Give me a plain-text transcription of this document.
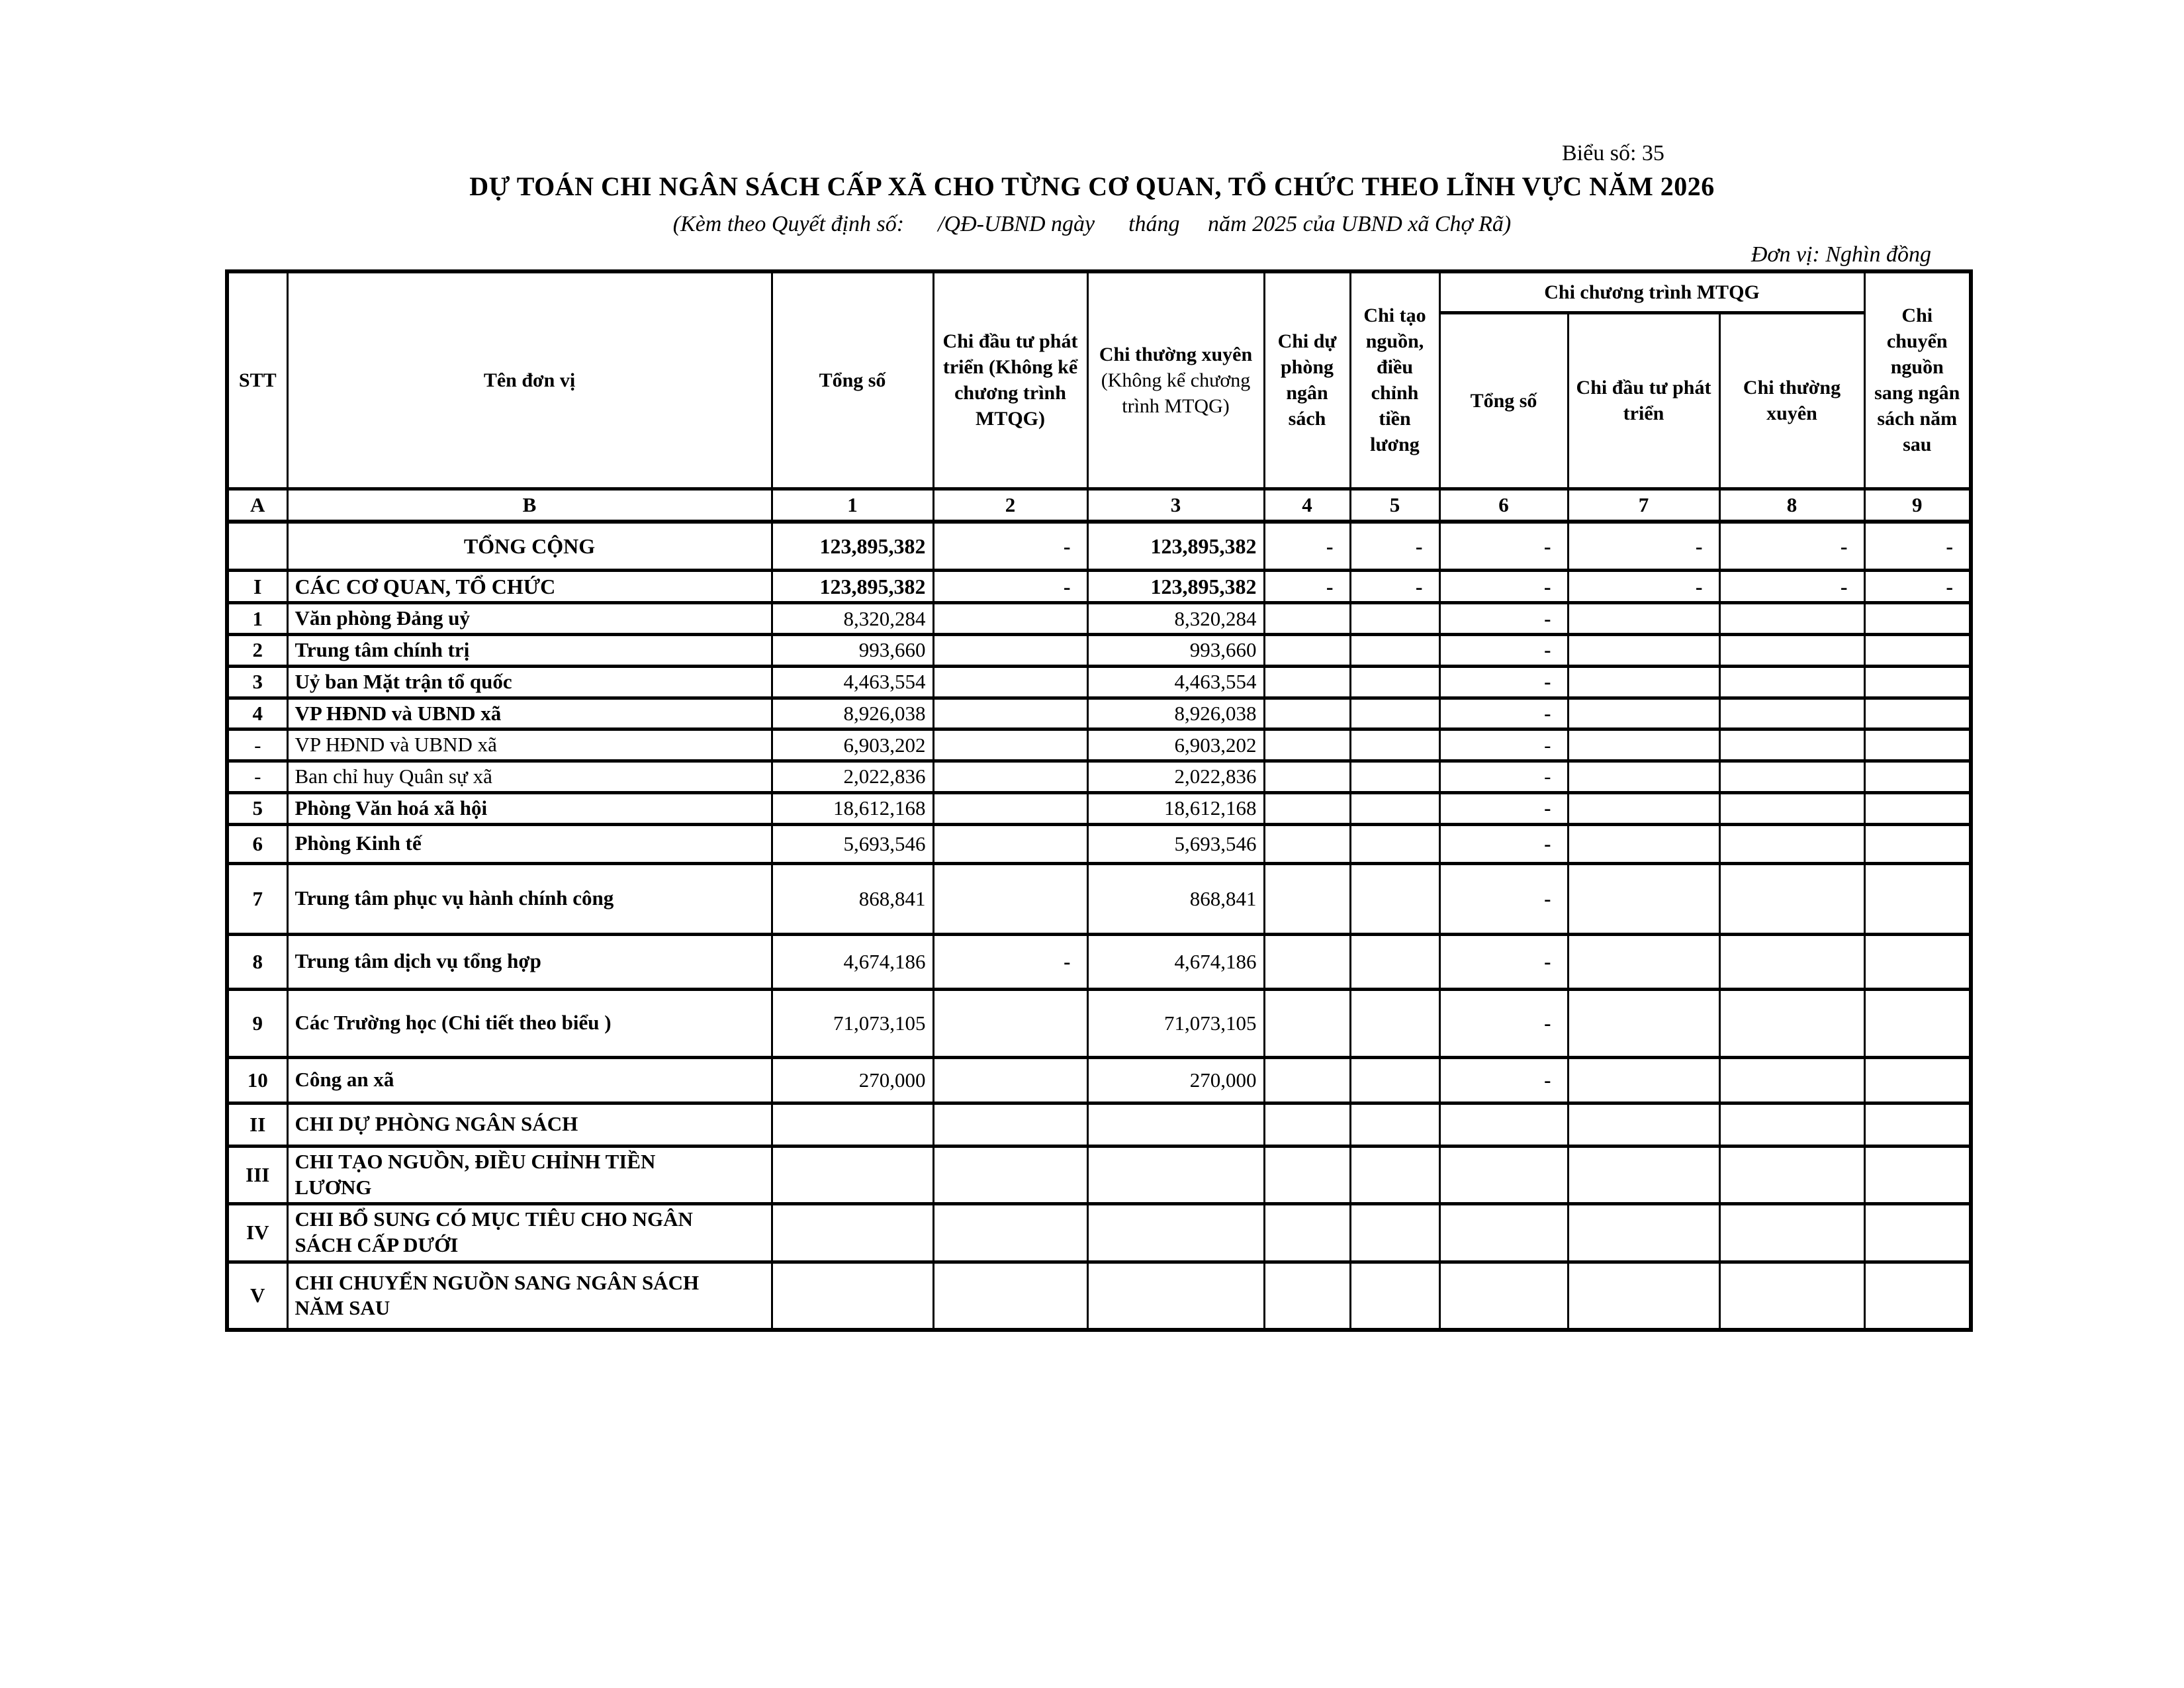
Biểu số: 35
DỰ TOÁN CHI NGÂN SÁCH CẤP XÃ CHO TỪNG CƠ QUAN, TỔ CHỨC THEO LĨNH VỰC NĂM 2026
(Kèm theo Quyết định số:      /QĐ-UBND ngày      tháng     năm 2025 của UBND xã Chợ Rã)
Đơn vị: Nghìn đồng
STT	Tên đơn vị	Tổng số	Chi đầu tư phát triển (Không kể chương trình MTQG)	Chi thường xuyên (Không kể chương trình MTQG)	Chi dự phòng ngân sách	Chi tạo nguồn, điều chỉnh tiền lương	Chi chương trình MTQG			Chi chuyển nguồn sang ngân sách năm sau
							Tổng số	Chi đầu tư phát triển	Chi thường xuyên	
A	B	1	2	3	4	5	6	7	8	9
	TỔNG CỘNG	123,895,382	-	123,895,382	-	-	-	-	-	-
I	CÁC CƠ QUAN, TỔ CHỨC	123,895,382	-	123,895,382	-	-	-	-	-	-
1	Văn phòng Đảng uỷ	8,320,284		8,320,284			-			
2	Trung tâm chính trị	993,660		993,660			-			
3	Uỷ ban Mặt trận tổ quốc	4,463,554		4,463,554			-			
4	VP HĐND và UBND xã	8,926,038		8,926,038			-			
-	VP HĐND và UBND xã	6,903,202		6,903,202			-			
-	Ban chỉ huy Quân sự xã	2,022,836		2,022,836			-			
5	Phòng Văn hoá xã hội	18,612,168		18,612,168			-			
6	Phòng Kinh tế	5,693,546		5,693,546			-			
7	Trung tâm phục vụ hành chính công	868,841		868,841			-			
8	Trung tâm dịch vụ tổng hợp	4,674,186	-	4,674,186			-			
9	Các Trường học (Chi tiết theo biểu )	71,073,105		71,073,105			-			
10	Công an xã	270,000		270,000			-			
II	CHI DỰ PHÒNG NGÂN SÁCH									
III	CHI TẠO NGUỒN, ĐIỀU CHỈNH TIỀN LƯƠNG									
IV	CHI BỔ SUNG CÓ MỤC TIÊU CHO NGÂN SÁCH CẤP DƯỚI									
V	CHI CHUYỂN NGUỒN SANG NGÂN SÁCH NĂM SAU									
